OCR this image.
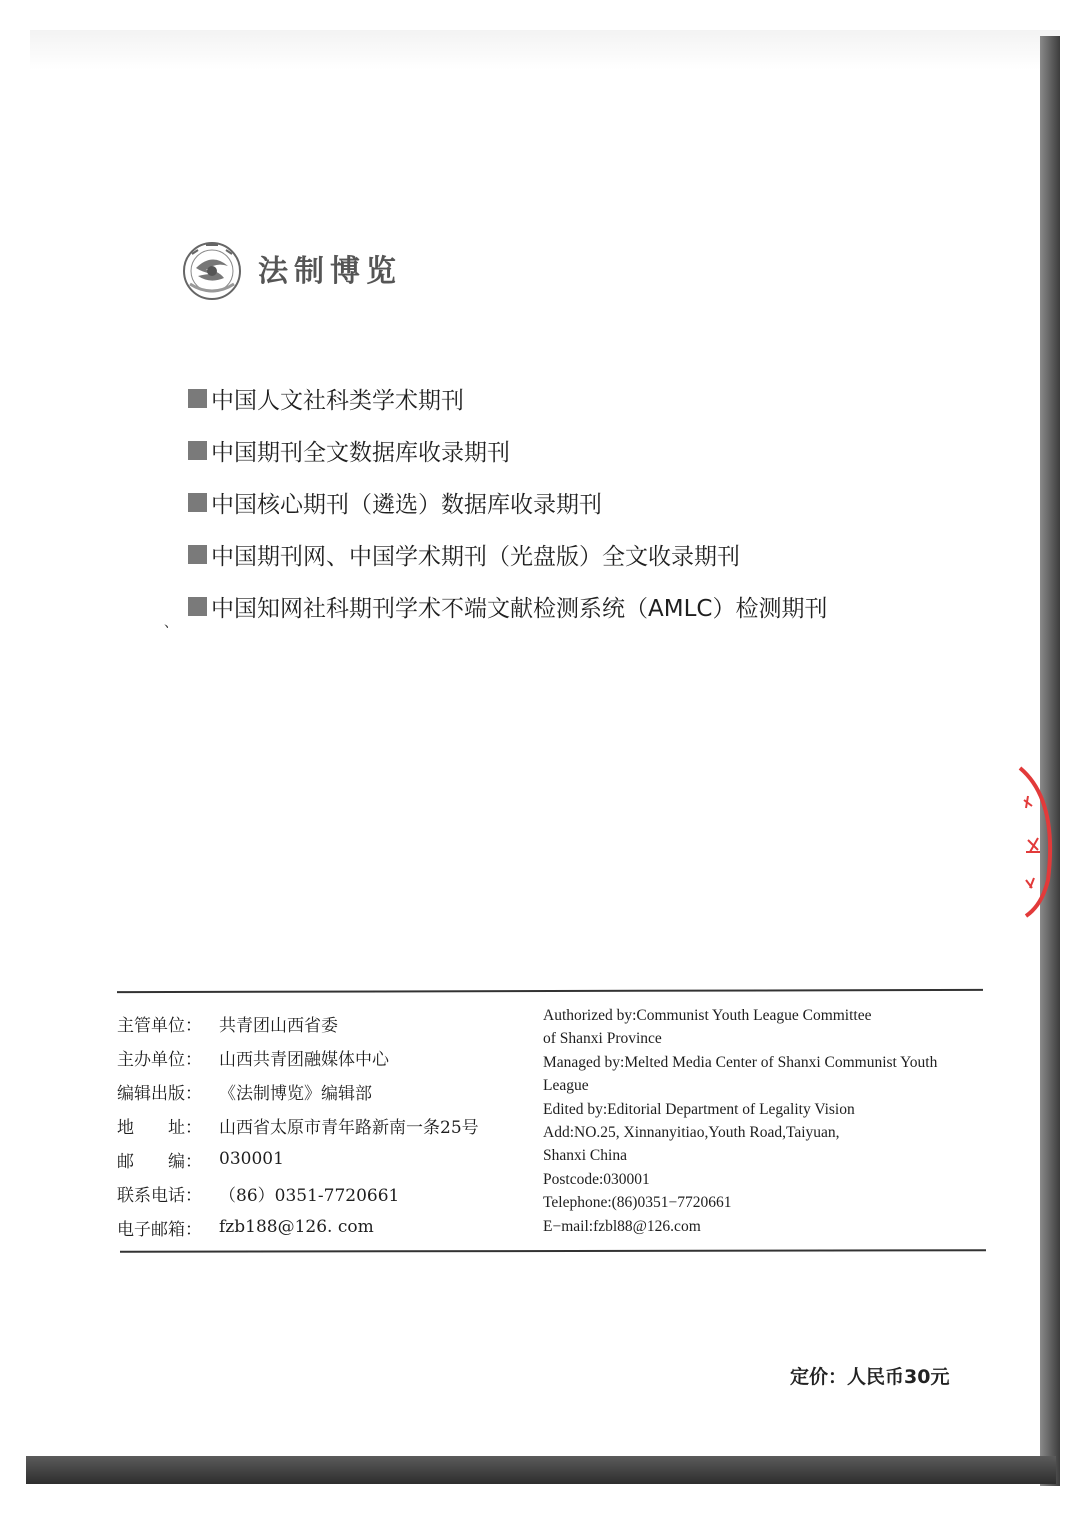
法制博览
中国人文社科类学术期刊
中国期刊全文数据库收录期刊
中国核心期刊（遴选）数据库收录期刊
中国期刊网、中国学术期刊（光盘版）全文收录期刊
、
中国知网社科期刊学术不端文献检测系统（AMLC）检测期刊
主管单位：	共青团山西省委
主办单位：	山西共青团融媒体中心
编辑出版：	《法制博览》编辑部
地　　址：	山西省太原市青年路新南一条25号
邮　　编：	030001
联系电话：	（86）0351-7720661
电子邮箱：	fzb188@126. com
Authorized by:Communist Youth League Committee
of Shanxi Province
Managed by:Melted Media Center of Shanxi Communist Youth
League
Edited by:Editorial Department of Legality Vision
Add:NO.25, Xinnanyitiao,Youth Road,Taiyuan,
Shanxi China
Postcode:030001
Telephone:(86)0351−7720661
E−mail:fzbl88@126.com
定价：人民币30元
